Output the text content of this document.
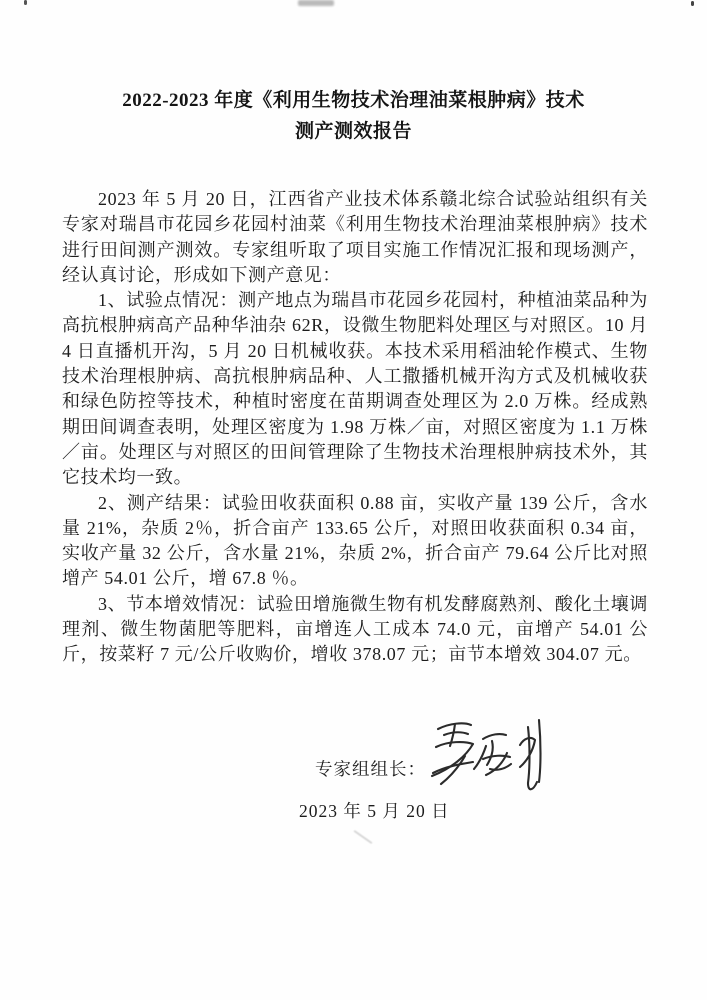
2022-2023 年度《利用生物技术治理油菜根肿病》技术
测产测效报告

2023 年 5 月 20 日，江西省产业技术体系赣北综合试验站组织有关专家对瑞昌市花园乡花园村油菜《利用生物技术治理油菜根肿病》技术进行田间测产测效。专家组听取了项目实施工作情况汇报和现场测产，经认真讨论，形成如下测产意见：

1、试验点情况：测产地点为瑞昌市花园乡花园村，种植油菜品种为高抗根肿病高产品种华油杂 62R，设微生物肥料处理区与对照区。10 月 4 日直播机开沟，5 月 20 日机械收获。本技术采用稻油轮作模式、生物技术治理根肿病、高抗根肿病品种、人工撒播机械开沟方式及机械收获和绿色防控等技术，种植时密度在苗期调查处理区为 2.0 万株。经成熟期田间调查表明，处理区密度为 1.98 万株／亩，对照区密度为 1.1 万株／亩。处理区与对照区的田间管理除了生物技术治理根肿病技术外，其它技术均一致。

2、测产结果：试验田收获面积 0.88 亩，实收产量 139 公斤，含水量 21%，杂质 2％，折合亩产 133.65 公斤，对照田收获面积 0.34 亩，实收产量 32 公斤，含水量 21%，杂质 2%，折合亩产 79.64 公斤比对照增产 54.01 公斤，增 67.8 ％。

3、节本增效情况：试验田增施微生物有机发酵腐熟剂、酸化土壤调理剂、微生物菌肥等肥料，亩增连人工成本 74.0 元，亩增产 54.01 公斤，按菜籽 7 元/公斤收购价，增收 378.07 元；亩节本增效 304.07 元。

专家组组长：
2023 年 5 月 20 日
